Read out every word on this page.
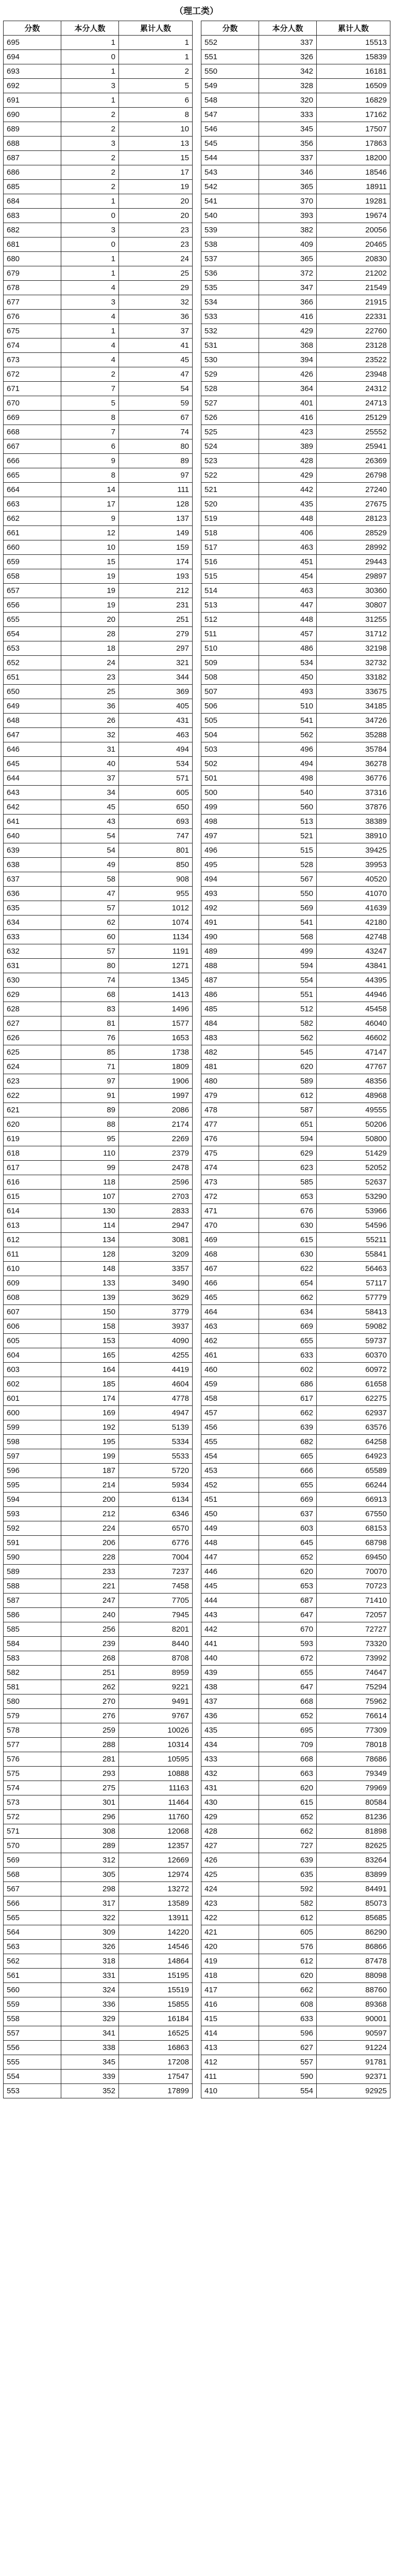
（理工类）
分数	本分人数	累计人数
695	1	1
694	0	1
693	1	2
692	3	5
691	1	6
690	2	8
689	2	10
688	3	13
687	2	15
686	2	17
685	2	19
684	1	20
683	0	20
682	3	23
681	0	23
680	1	24
679	1	25
678	4	29
677	3	32
676	4	36
675	1	37
674	4	41
673	4	45
672	2	47
671	7	54
670	5	59
669	8	67
668	7	74
667	6	80
666	9	89
665	8	97
664	14	111
663	17	128
662	9	137
661	12	149
660	10	159
659	15	174
658	19	193
657	19	212
656	19	231
655	20	251
654	28	279
653	18	297
652	24	321
651	23	344
650	25	369
649	36	405
648	26	431
647	32	463
646	31	494
645	40	534
644	37	571
643	34	605
642	45	650
641	43	693
640	54	747
639	54	801
638	49	850
637	58	908
636	47	955
635	57	1012
634	62	1074
633	60	1134
632	57	1191
631	80	1271
630	74	1345
629	68	1413
628	83	1496
627	81	1577
626	76	1653
625	85	1738
624	71	1809
623	97	1906
622	91	1997
621	89	2086
620	88	2174
619	95	2269
618	110	2379
617	99	2478
616	118	2596
615	107	2703
614	130	2833
613	114	2947
612	134	3081
611	128	3209
610	148	3357
609	133	3490
608	139	3629
607	150	3779
606	158	3937
605	153	4090
604	165	4255
603	164	4419
602	185	4604
601	174	4778
600	169	4947
599	192	5139
598	195	5334
597	199	5533
596	187	5720
595	214	5934
594	200	6134
593	212	6346
592	224	6570
591	206	6776
590	228	7004
589	233	7237
588	221	7458
587	247	7705
586	240	7945
585	256	8201
584	239	8440
583	268	8708
582	251	8959
581	262	9221
580	270	9491
579	276	9767
578	259	10026
577	288	10314
576	281	10595
575	293	10888
574	275	11163
573	301	11464
572	296	11760
571	308	12068
570	289	12357
569	312	12669
568	305	12974
567	298	13272
566	317	13589
565	322	13911
564	309	14220
563	326	14546
562	318	14864
561	331	15195
560	324	15519
559	336	15855
558	329	16184
557	341	16525
556	338	16863
555	345	17208
554	339	17547
553	352	17899
分数	本分人数	累计人数
552	337	15513
551	326	15839
550	342	16181
549	328	16509
548	320	16829
547	333	17162
546	345	17507
545	356	17863
544	337	18200
543	346	18546
542	365	18911
541	370	19281
540	393	19674
539	382	20056
538	409	20465
537	365	20830
536	372	21202
535	347	21549
534	366	21915
533	416	22331
532	429	22760
531	368	23128
530	394	23522
529	426	23948
528	364	24312
527	401	24713
526	416	25129
525	423	25552
524	389	25941
523	428	26369
522	429	26798
521	442	27240
520	435	27675
519	448	28123
518	406	28529
517	463	28992
516	451	29443
515	454	29897
514	463	30360
513	447	30807
512	448	31255
511	457	31712
510	486	32198
509	534	32732
508	450	33182
507	493	33675
506	510	34185
505	541	34726
504	562	35288
503	496	35784
502	494	36278
501	498	36776
500	540	37316
499	560	37876
498	513	38389
497	521	38910
496	515	39425
495	528	39953
494	567	40520
493	550	41070
492	569	41639
491	541	42180
490	568	42748
489	499	43247
488	594	43841
487	554	44395
486	551	44946
485	512	45458
484	582	46040
483	562	46602
482	545	47147
481	620	47767
480	589	48356
479	612	48968
478	587	49555
477	651	50206
476	594	50800
475	629	51429
474	623	52052
473	585	52637
472	653	53290
471	676	53966
470	630	54596
469	615	55211
468	630	55841
467	622	56463
466	654	57117
465	662	57779
464	634	58413
463	669	59082
462	655	59737
461	633	60370
460	602	60972
459	686	61658
458	617	62275
457	662	62937
456	639	63576
455	682	64258
454	665	64923
453	666	65589
452	655	66244
451	669	66913
450	637	67550
449	603	68153
448	645	68798
447	652	69450
446	620	70070
445	653	70723
444	687	71410
443	647	72057
442	670	72727
441	593	73320
440	672	73992
439	655	74647
438	647	75294
437	668	75962
436	652	76614
435	695	77309
434	709	78018
433	668	78686
432	663	79349
431	620	79969
430	615	80584
429	652	81236
428	662	81898
427	727	82625
426	639	83264
425	635	83899
424	592	84491
423	582	85073
422	612	85685
421	605	86290
420	576	86866
419	612	87478
418	620	88098
417	662	88760
416	608	89368
415	633	90001
414	596	90597
413	627	91224
412	557	91781
411	590	92371
410	554	92925
